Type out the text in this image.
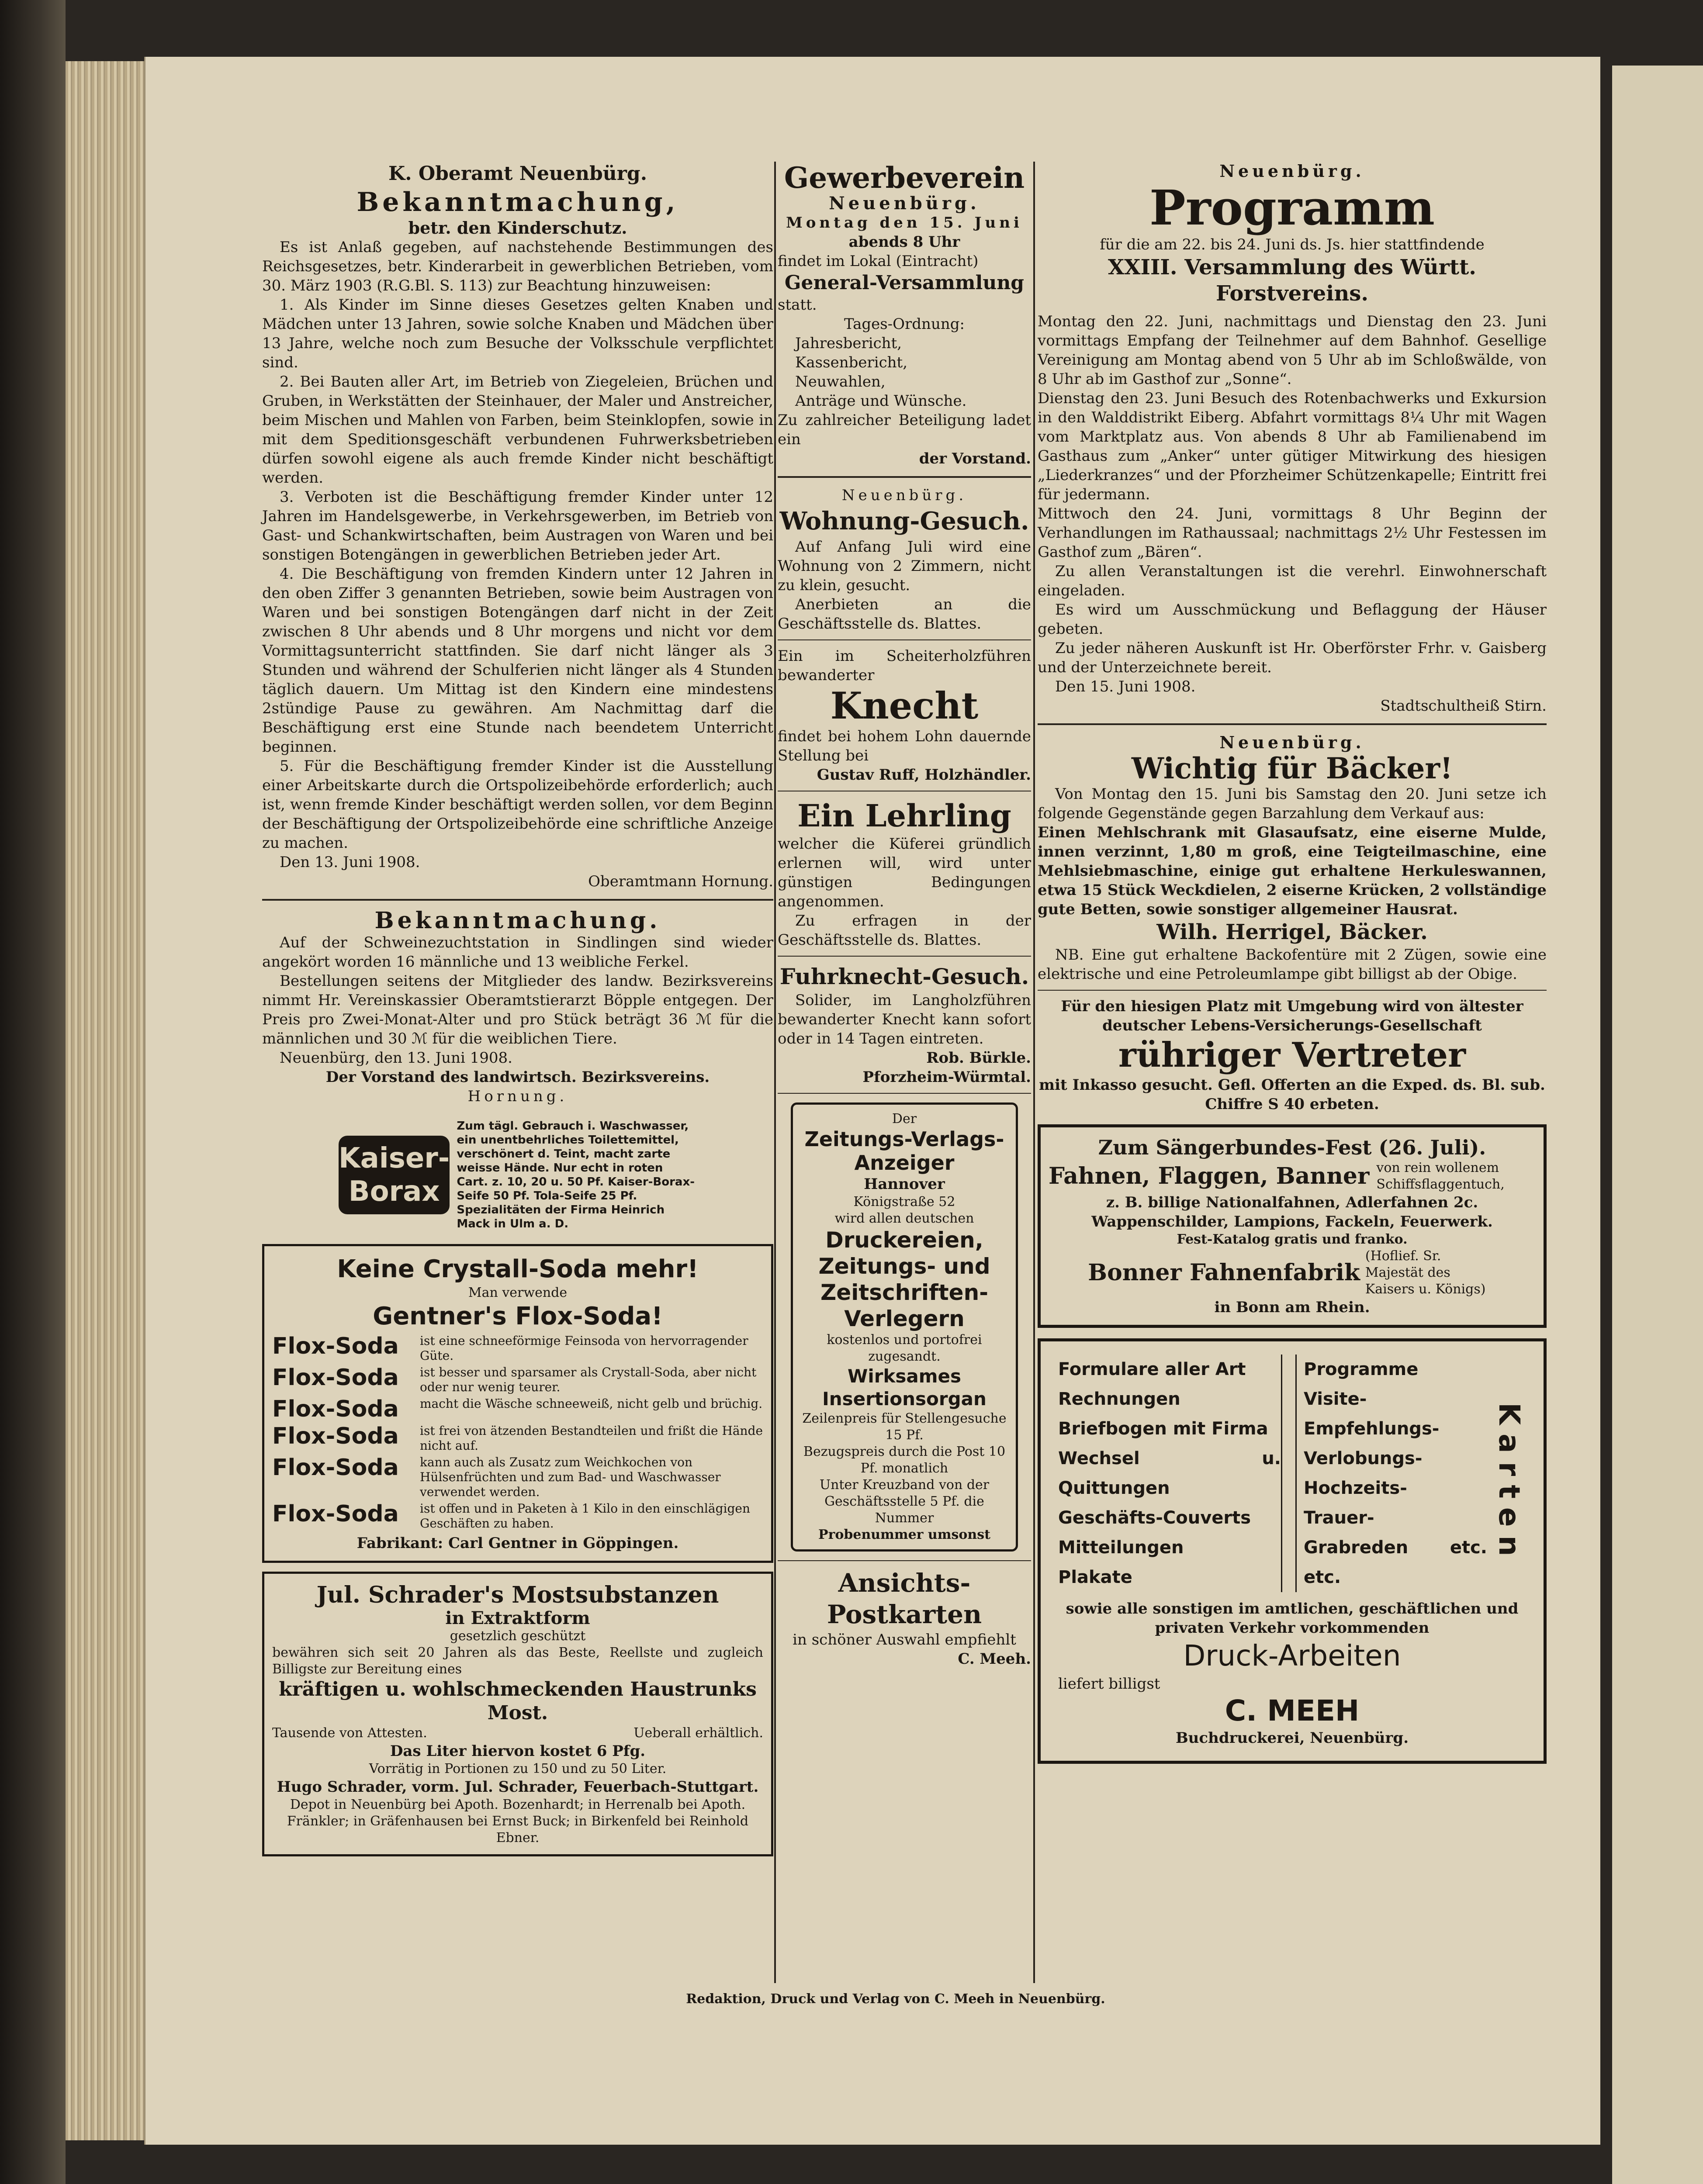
K. Oberamt Neuenbürg.

Bekanntmachung,

betr. den Kinderschutz.

Es ist Anlaß gegeben, auf nachstehende Bestimmungen des Reichsgesetzes, betr. Kinderarbeit in gewerblichen Betrieben, vom 30. März 1903 (R.G.Bl. S. 113) zur Beachtung hinzuweisen:

1. Als Kinder im Sinne dieses Gesetzes gelten Knaben und Mädchen unter 13 Jahren, sowie solche Knaben und Mädchen über 13 Jahre, welche noch zum Besuche der Volksschule verpflichtet sind.

2. Bei Bauten aller Art, im Betrieb von Ziegeleien, Brüchen und Gruben, in Werkstätten der Steinhauer, der Maler und Anstreicher, beim Mischen und Mahlen von Farben, beim Steinklopfen, sowie in mit dem Speditionsgeschäft verbundenen Fuhrwerksbetrieben dürfen sowohl eigene als auch fremde Kinder nicht beschäftigt werden.

3. Verboten ist die Beschäftigung fremder Kinder unter 12 Jahren im Handelsgewerbe, in Verkehrsgewerben, im Betrieb von Gast- und Schankwirtschaften, beim Austragen von Waren und bei sonstigen Botengängen in gewerblichen Betrieben jeder Art.

4. Die Beschäftigung von fremden Kindern unter 12 Jahren in den oben Ziffer 3 genannten Betrieben, sowie beim Austragen von Waren und bei sonstigen Botengängen darf nicht in der Zeit zwischen 8 Uhr abends und 8 Uhr morgens und nicht vor dem Vormittagsunterricht stattfinden. Sie darf nicht länger als 3 Stunden und während der Schulferien nicht länger als 4 Stunden täglich dauern. Um Mittag ist den Kindern eine mindestens 2stündige Pause zu gewähren. Am Nachmittag darf die Beschäftigung erst eine Stunde nach beendetem Unterricht beginnen.

5. Für die Beschäftigung fremder Kinder ist die Ausstellung einer Arbeitskarte durch die Ortspolizeibehörde erforderlich; auch ist, wenn fremde Kinder beschäftigt werden sollen, vor dem Beginn der Beschäftigung der Ortspolizeibehörde eine schriftliche Anzeige zu machen.

Den 13. Juni 1908.

Oberamtmann Hornung.

Bekanntmachung.

Auf der Schweinezuchtstation in Sindlingen sind wieder angekört worden 16 männliche und 13 weibliche Ferkel.

Bestellungen seitens der Mitglieder des landw. Bezirksvereins nimmt Hr. Vereinskassier Oberamtstierarzt Böpple entgegen. Der Preis pro Zwei-Monat-Alter und pro Stück beträgt 36 ℳ für die männlichen und 30 ℳ für die weiblichen Tiere.

Neuenbürg, den 13. Juni 1908.

Der Vorstand des landwirtsch. Bezirksvereins.

Hornung.

Kaiser-
Borax
Zum tägl. Gebrauch i. Waschwasser, ein unentbehrliches Toilettemittel, verschönert d. Teint, macht zarte weisse Hände. Nur echt in roten Cart. z. 10, 20 u. 50 Pf. Kaiser-Borax-Seife 50 Pf. Tola-Seife 25 Pf. Spezialitäten der Firma Heinrich Mack in Ulm a. D.

Keine Crystall-Soda mehr!

Man verwende

Gentner's Flox-Soda!

Flox-Soda	ist eine schneeförmige Feinsoda von hervorragender Güte.
Flox-Soda	ist besser und sparsamer als Crystall-Soda, aber nicht oder nur wenig teurer.
Flox-Soda	macht die Wäsche schneeweiß, nicht gelb und brüchig.
Flox-Soda	ist frei von ätzenden Bestandteilen und frißt die Hände nicht auf.
Flox-Soda	kann auch als Zusatz zum Weichkochen von Hülsenfrüchten und zum Bad- und Waschwasser verwendet werden.
Flox-Soda	ist offen und in Paketen à 1 Kilo in den einschlägigen Geschäften zu haben.

Fabrikant: Carl Gentner in Göppingen.

Jul. Schrader's Mostsubstanzen

in Extraktform

gesetzlich geschützt

bewähren sich seit 20 Jahren als das Beste, Reellste und zugleich Billigste zur Bereitung eines

kräftigen u. wohlschmeckenden Haustrunks Most.

Tausende von Attesten.	Ueberall erhältlich.

Das Liter hiervon kostet 6 Pfg.

Vorrätig in Portionen zu 150 und zu 50 Liter.

Hugo Schrader, vorm. Jul. Schrader, Feuerbach-Stuttgart.

Depot in Neuenbürg bei Apoth. Bozenhardt; in Herrenalb bei Apoth. Fränkler; in Gräfenhausen bei Ernst Buck; in Birkenfeld bei Reinhold Ebner.

Gewerbeverein

Neuenbürg.

Montag den 15. Juni

abends 8 Uhr

findet im Lokal (Eintracht)

General-Versammlung

statt.

Tages-Ordnung:

Jahresbericht,

Kassenbericht,

Neuwahlen,

Anträge und Wünsche.

Zu zahlreicher Beteiligung ladet ein

der Vorstand.

Neuenbürg.

Wohnung-Gesuch.

Auf Anfang Juli wird eine Wohnung von 2 Zimmern, nicht zu klein, gesucht.

Anerbieten an die Geschäftsstelle ds. Blattes.

Ein im Scheiterholzführen bewanderter

Knecht

findet bei hohem Lohn dauernde Stellung bei

Gustav Ruff, Holzhändler.

Ein Lehrling

welcher die Küferei gründlich erlernen will, wird unter günstigen Bedingungen angenommen.

Zu erfragen in der Geschäftsstelle ds. Blattes.

Fuhrknecht-Gesuch.

Solider, im Langholzführen bewanderter Knecht kann sofort oder in 14 Tagen eintreten.

Rob. Bürkle.

Pforzheim-Würmtal.

Der

Zeitungs-Verlags-Anzeiger

Hannover

Königstraße 52

wird allen deutschen

Druckereien, Zeitungs- und Zeitschriften-Verlegern

kostenlos und portofrei zugesandt.

Wirksames Insertionsorgan

Zeilenpreis für Stellengesuche 15 Pf.

Bezugspreis durch die Post 10 Pf. monatlich

Unter Kreuzband von der Geschäftsstelle 5 Pf. die Nummer

Probenummer umsonst

Ansichts-Postkarten

in schöner Auswahl empfiehlt

C. Meeh.

Neuenbürg.

Programm

für die am 22. bis 24. Juni ds. Js. hier stattfindende

XXIII. Versammlung des Württ. Forstvereins.

Montag den 22. Juni, nachmittags und Dienstag den 23. Juni vormittags Empfang der Teilnehmer auf dem Bahnhof. Gesellige Vereinigung am Montag abend von 5 Uhr ab im Schloßwälde, von 8 Uhr ab im Gasthof zur „Sonne“.

Dienstag den 23. Juni Besuch des Rotenbachwerks und Exkursion in den Walddistrikt Eiberg. Abfahrt vormittags 8¼ Uhr mit Wagen vom Marktplatz aus. Von abends 8 Uhr ab Familienabend im Gasthaus zum „Anker“ unter gütiger Mitwirkung des hiesigen „Liederkranzes“ und der Pforzheimer Schützenkapelle; Eintritt frei für jedermann.

Mittwoch den 24. Juni, vormittags 8 Uhr Beginn der Verhandlungen im Rathaussaal; nachmittags 2½ Uhr Festessen im Gasthof zum „Bären“.

Zu allen Veranstaltungen ist die verehrl. Einwohnerschaft eingeladen.

Es wird um Ausschmückung und Beflaggung der Häuser gebeten.

Zu jeder näheren Auskunft ist Hr. Oberförster Frhr. v. Gaisberg und der Unterzeichnete bereit.

Den 15. Juni 1908.

Stadtschultheiß Stirn.

Neuenbürg.

Wichtig für Bäcker!

Von Montag den 15. Juni bis Samstag den 20. Juni setze ich folgende Gegenstände gegen Barzahlung dem Verkauf aus:

Einen Mehlschrank mit Glasaufsatz, eine eiserne Mulde, innen verzinnt, 1,80 m groß, eine Teigteilmaschine, eine Mehlsiebmaschine, einige gut erhaltene Herkuleswannen, etwa 15 Stück Weckdielen, 2 eiserne Krücken, 2 vollständige gute Betten, sowie sonstiger allgemeiner Hausrat.

Wilh. Herrigel, Bäcker.

NB. Eine gut erhaltene Backofentüre mit 2 Zügen, sowie eine elektrische und eine Petroleumlampe gibt billigst ab der Obige.

Für den hiesigen Platz mit Umgebung wird von ältester deutscher Lebens-Versicherungs-Gesellschaft

rühriger Vertreter

mit Inkasso gesucht. Gefl. Offerten an die Exped. ds. Bl. sub. Chiffre S 40 erbeten.

Zum Sängerbundes-Fest (26. Juli).

Fahnen, Flaggen, Banner von rein wollenem Schiffsflaggentuch,

z. B. billige Nationalfahnen, Adlerfahnen 2c. Wappenschilder, Lampions, Fackeln, Feuerwerk.

Fest-Katalog gratis und franko.

Bonner Fahnenfabrik
(Hoflief. Sr. Majestät des Kaisers u. Königs)

in Bonn am Rhein.

Formulare aller Art

Rechnungen

Briefbogen mit Firma

Wechsel u. Quittungen

Geschäfts-Couverts

Mitteilungen

Plakate

Programme

Visite-

Empfehlungs-

Verlobungs-

Hochzeits-

Trauer-

Grabreden etc. etc.

Karten

sowie alle sonstigen im amtlichen, geschäftlichen und privaten Verkehr vorkommenden

Druck-Arbeiten

liefert billigst

C. MEEH

Buchdruckerei, Neuenbürg.

Redaktion, Druck und Verlag von C. Meeh in Neuenbürg.
